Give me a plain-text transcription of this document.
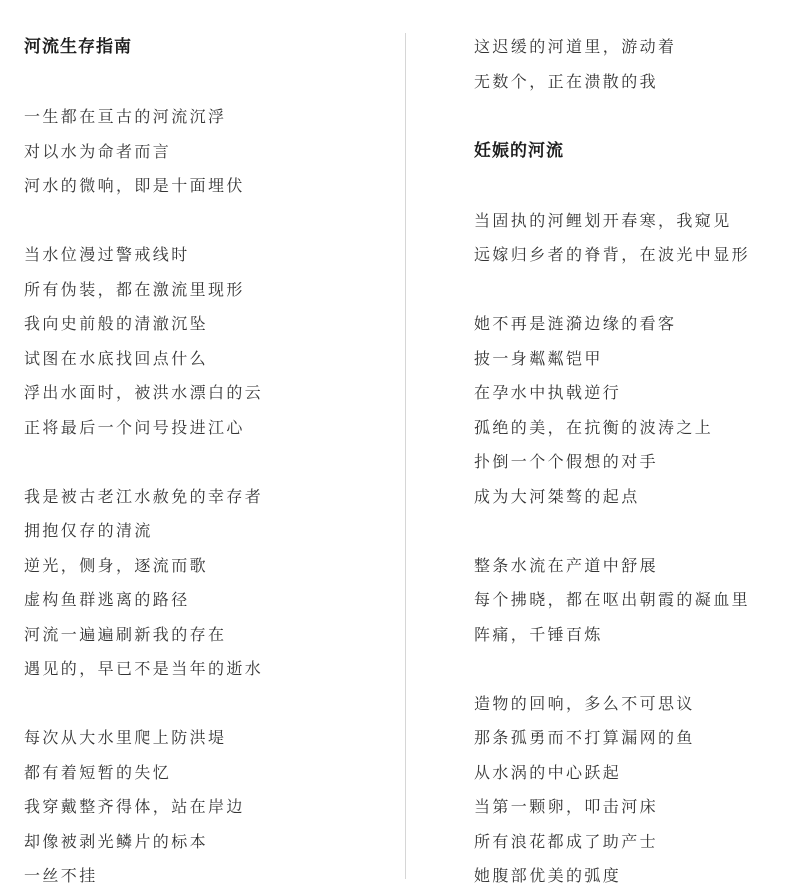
河流生存指南
一生都在亘古的河流沉浮
对以水为命者而言
河水的微响，即是十面埋伏
当水位漫过警戒线时
所有伪装，都在激流里现形
我向史前般的清澈沉坠
试图在水底找回点什么
浮出水面时，被洪水漂白的云
正将最后一个问号投进江心
我是被古老江水赦免的幸存者
拥抱仅存的清流
逆光，侧身，逐流而歌
虚构鱼群逃离的路径
河流一遍遍刷新我的存在
遇见的，早已不是当年的逝水
每次从大水里爬上防洪堤
都有着短暂的失忆
我穿戴整齐得体，站在岸边
却像被剥光鳞片的标本
一丝不挂
这迟缓的河道里，游动着
无数个，正在溃散的我
妊娠的河流
当固执的河鲤划开春寒，我窥见
远嫁归乡者的脊背，在波光中显形
她不再是涟漪边缘的看客
披一身粼粼铠甲
在孕水中执戟逆行
孤绝的美，在抗衡的波涛之上
扑倒一个个假想的对手
成为大河桀骜的起点
整条水流在产道中舒展
每个拂晓，都在呕出朝霞的凝血里
阵痛，千锤百炼
造物的回响，多么不可思议
那条孤勇而不打算漏网的鱼
从水涡的中心跃起
当第一颗卵，叩击河床
所有浪花都成了助产士
她腹部优美的弧度
